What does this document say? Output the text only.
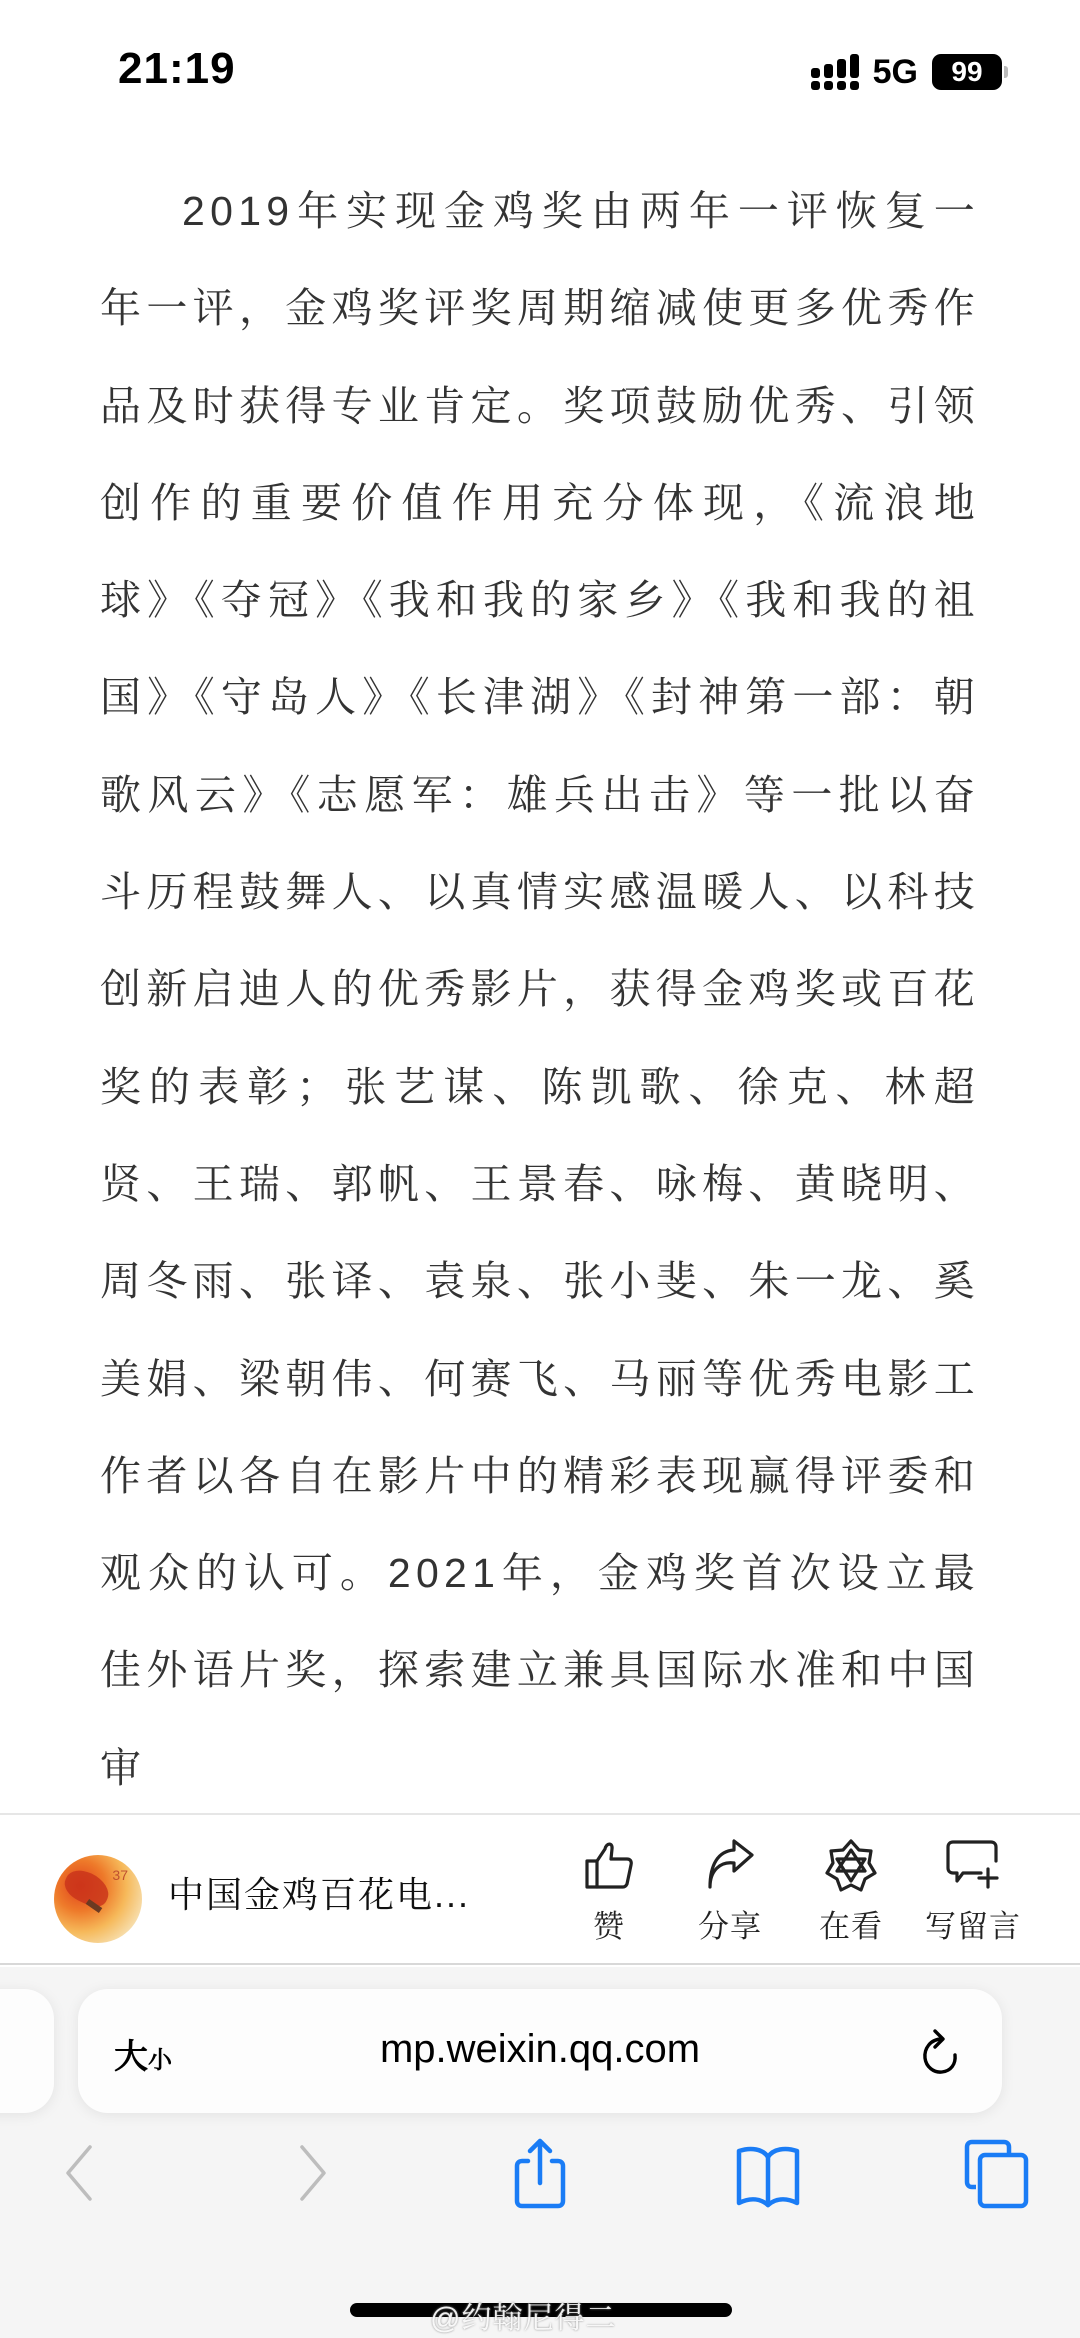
21:19	5G	99

2019年实现金鸡奖由两年一评恢复一年一评，金鸡奖评奖周期缩减使更多优秀作品及时获得专业肯定。奖项鼓励优秀、引领创作的重要价值作用充分体现，《流浪地球》《夺冠》《我和我的家乡》《我和我的祖国》《守岛人》《长津湖》《封神第一部：朝歌风云》《志愿军：雄兵出击》等一批以奋斗历程鼓舞人、以真情实感温暖人、以科技创新启迪人的优秀影片，获得金鸡奖或百花奖的表彰；张艺谋、陈凯歌、徐克、林超贤、王瑞、郭帆、王景春、咏梅、黄晓明、周冬雨、张译、袁泉、张小斐、朱一龙、奚美娟、梁朝伟、何赛飞、马丽等优秀电影工作者以各自在影片中的精彩表现赢得评委和观众的认可。2021年，金鸡奖首次设立最佳外语片奖，探索建立兼具国际水准和中国审

37 中国金鸡百花电...
赞	分享	在看	写留言
大小	mp.weixin.qq.com
@约翰尼得二
